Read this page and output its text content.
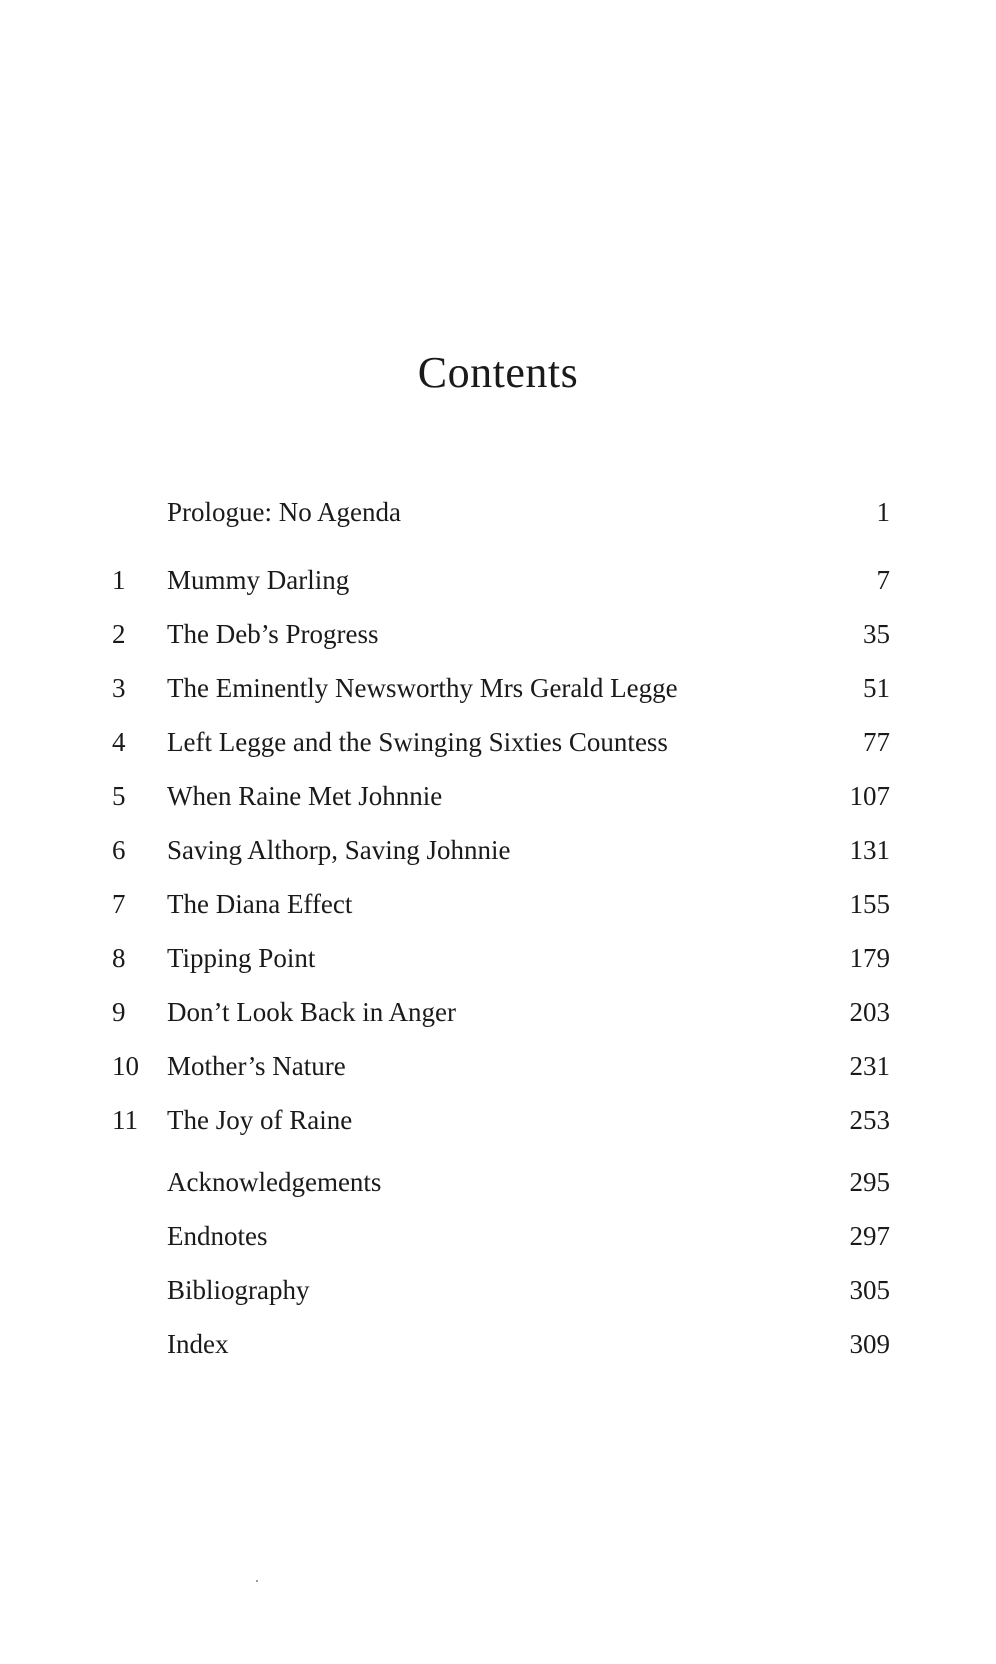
Contents
Prologue: No Agenda	1
1	Mummy Darling	7
2	The Deb’s Progress	35
3	The Eminently Newsworthy Mrs Gerald Legge	51
4	Left Legge and the Swinging Sixties Countess	77
5	When Raine Met Johnnie	107
6	Saving Althorp, Saving Johnnie	131
7	The Diana Effect	155
8	Tipping Point	179
9	Don’t Look Back in Anger	203
10	Mother’s Nature	231
11	The Joy of Raine	253
Acknowledgements	295
Endnotes	297
Bibliography	305
Index	309
